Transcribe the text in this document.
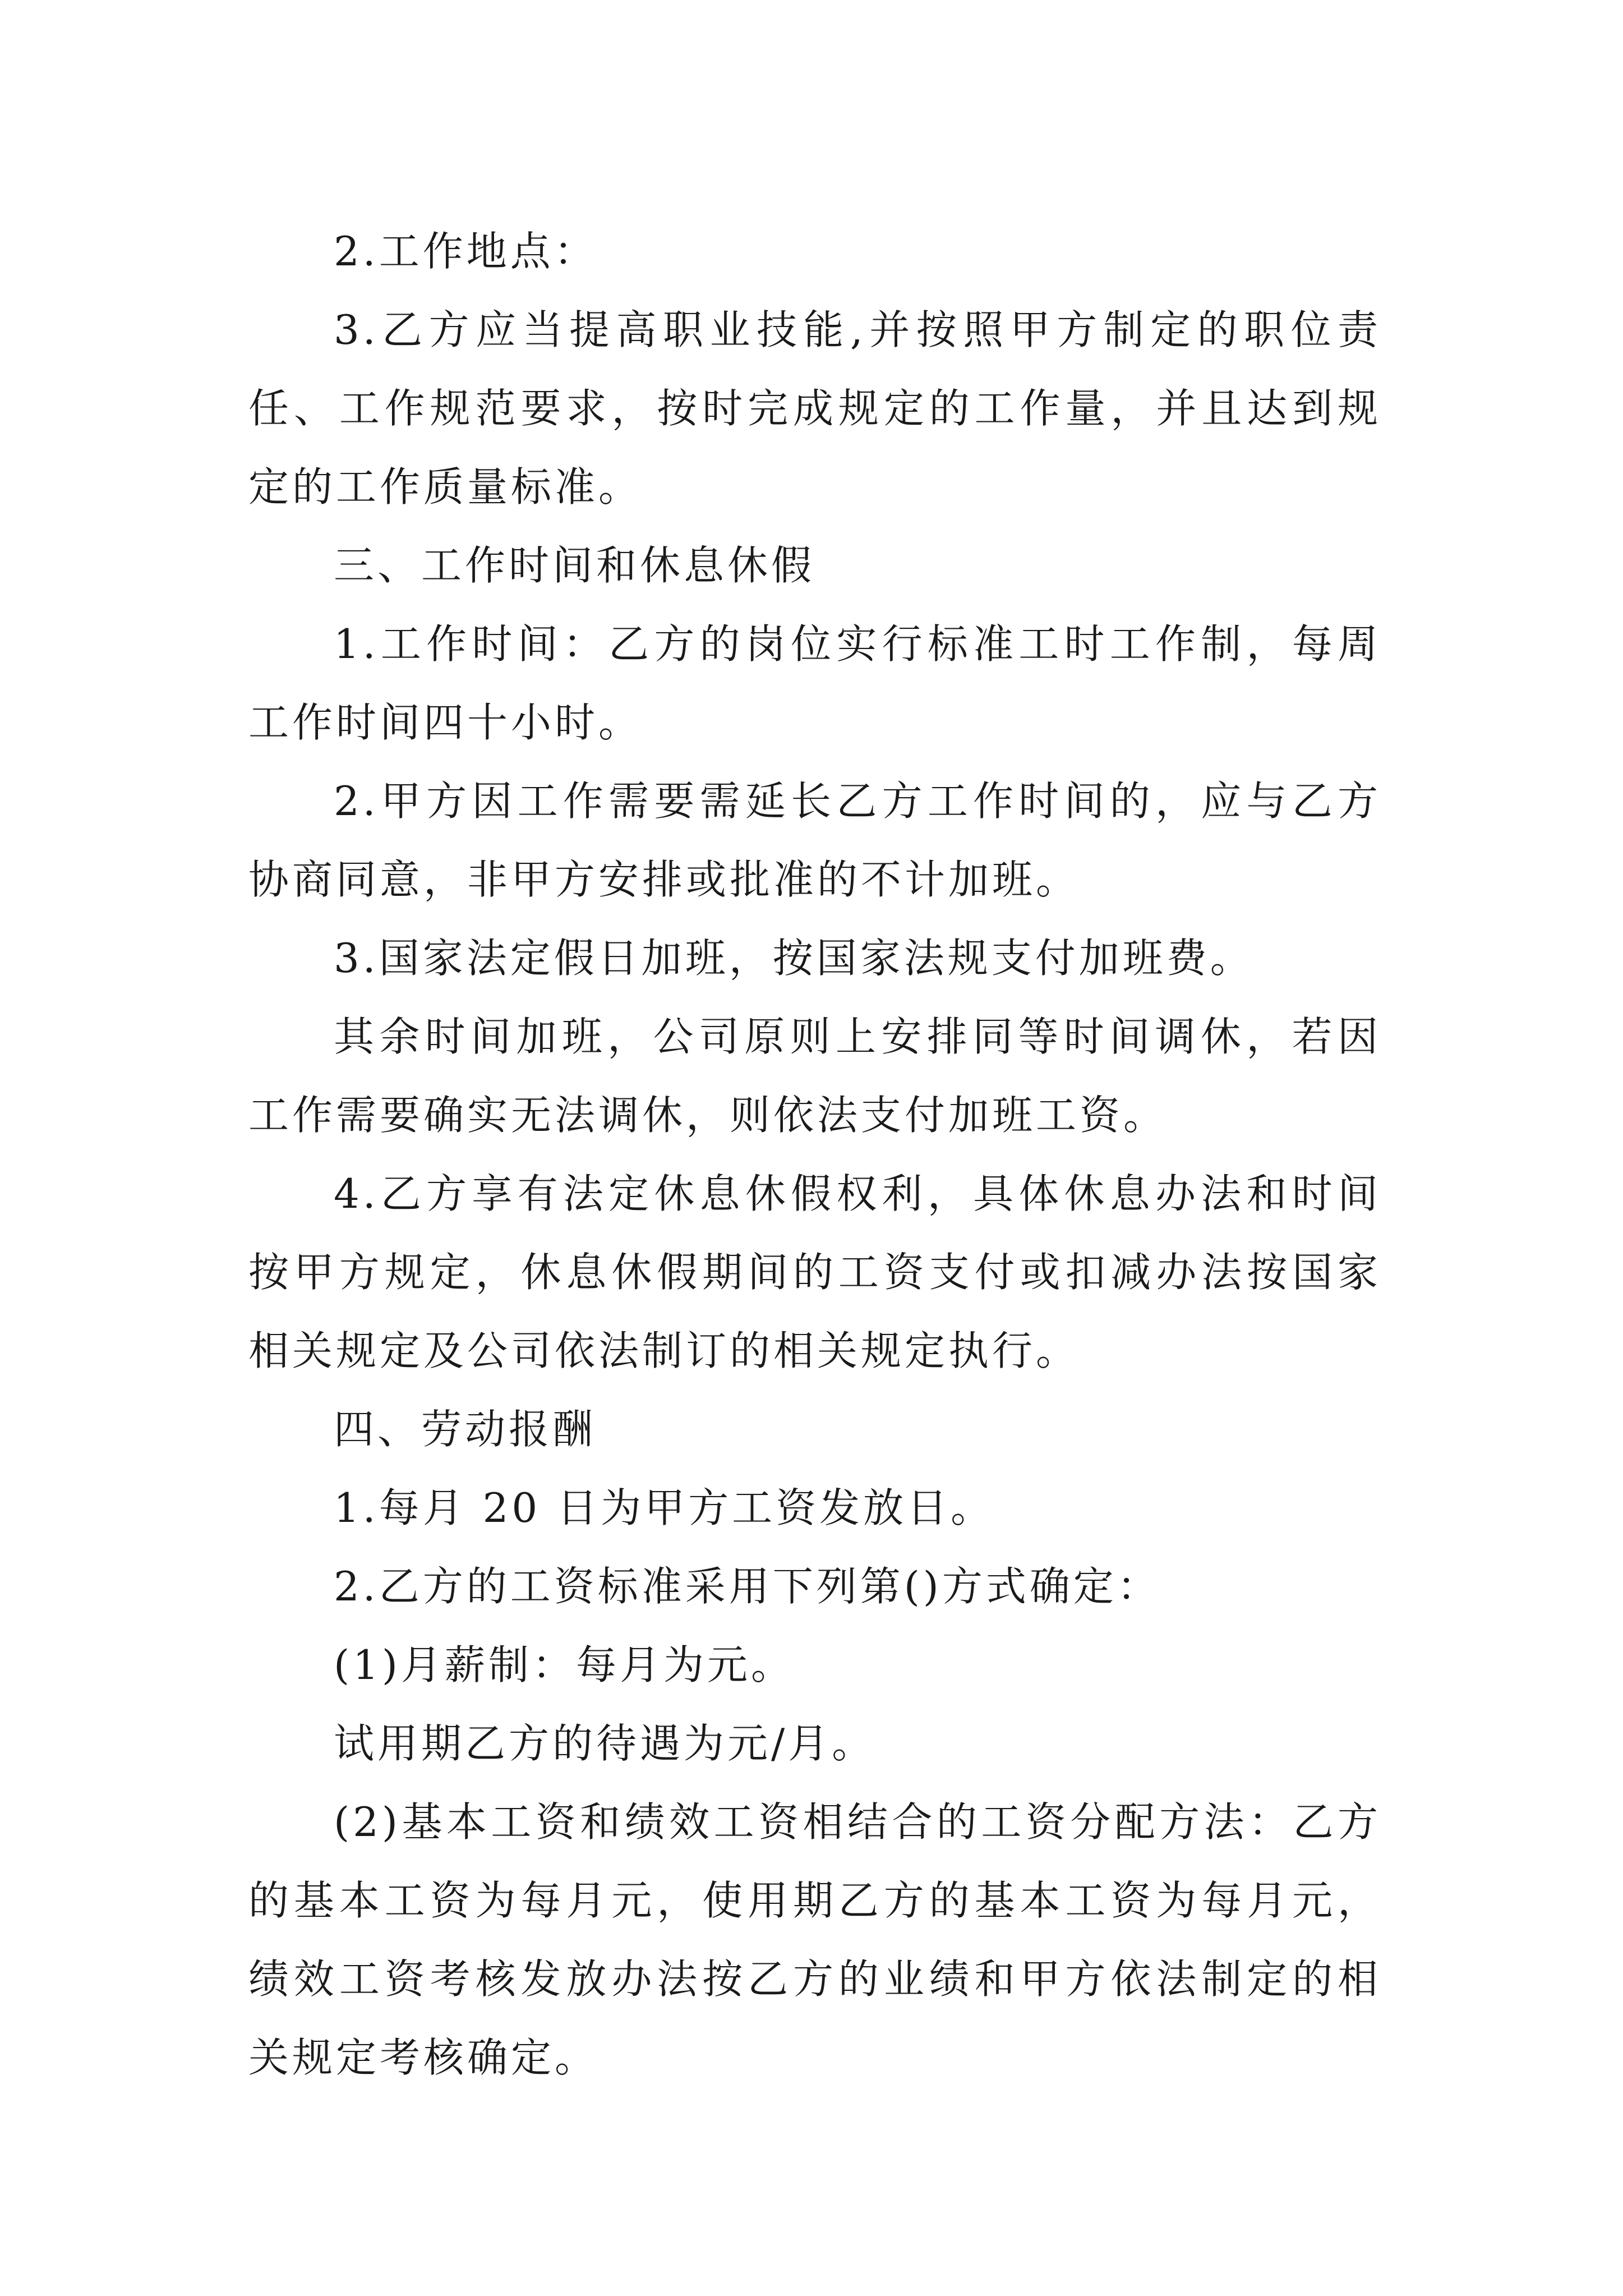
2.工作地点：

3.乙方应当提高职业技能,并按照甲方制定的职位责任、工作规范要求，按时完成规定的工作量，并且达到规定的工作质量标准。

三、工作时间和休息休假

1.工作时间：乙方的岗位实行标准工时工作制，每周工作时间四十小时。

2.甲方因工作需要需延长乙方工作时间的，应与乙方协商同意，非甲方安排或批准的不计加班。

3.国家法定假日加班，按国家法规支付加班费。

其余时间加班，公司原则上安排同等时间调休，若因工作需要确实无法调休，则依法支付加班工资。

4.乙方享有法定休息休假权利，具体休息办法和时间按甲方规定，休息休假期间的工资支付或扣减办法按国家相关规定及公司依法制订的相关规定执行。

四、劳动报酬

1.每月 20 日为甲方工资发放日。

2.乙方的工资标准采用下列第()方式确定：

(1)月薪制：每月为元。

试用期乙方的待遇为元/月。

(2)基本工资和绩效工资相结合的工资分配方法：乙方的基本工资为每月元，使用期乙方的基本工资为每月元，绩效工资考核发放办法按乙方的业绩和甲方依法制定的相关规定考核确定。
